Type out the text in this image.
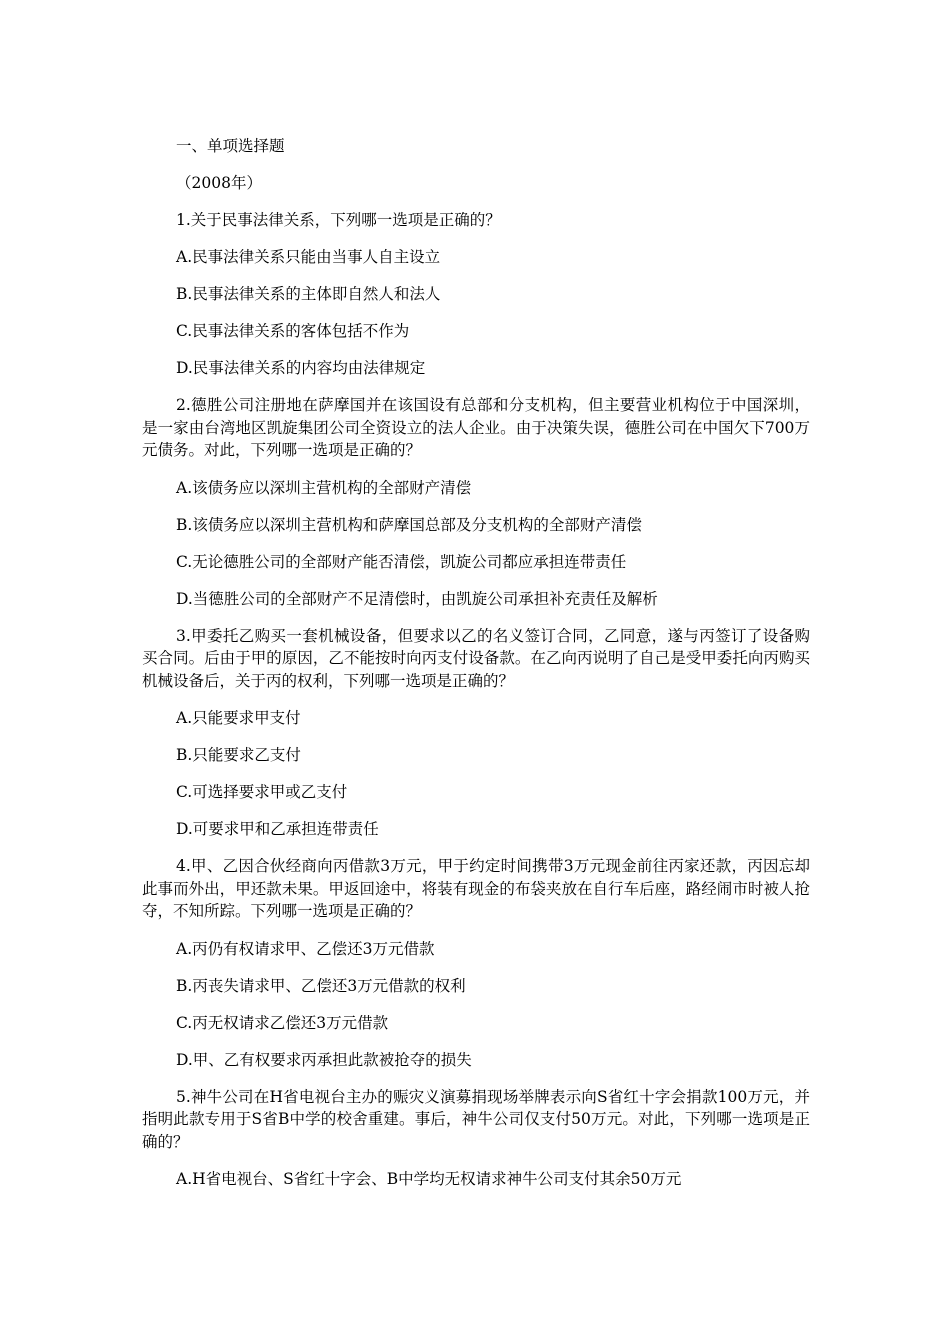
一、单项选择题

（2008年）

1.关于民事法律关系，下列哪一选项是正确的？

A.民事法律关系只能由当事人自主设立

B.民事法律关系的主体即自然人和法人

C.民事法律关系的客体包括不作为

D.民事法律关系的内容均由法律规定

2.德胜公司注册地在萨摩国并在该国设有总部和分支机构，但主要营业机构位于中国深圳，是一家由台湾地区凯旋集团公司全资设立的法人企业。由于决策失误，德胜公司在中国欠下700万元债务。对此，下列哪一选项是正确的？

A.该债务应以深圳主营机构的全部财产清偿

B.该债务应以深圳主营机构和萨摩国总部及分支机构的全部财产清偿

C.无论德胜公司的全部财产能否清偿，凯旋公司都应承担连带责任

D.当德胜公司的全部财产不足清偿时，由凯旋公司承担补充责任及解析

3.甲委托乙购买一套机械设备，但要求以乙的名义签订合同，乙同意，遂与丙签订了设备购买合同。后由于甲的原因，乙不能按时向丙支付设备款。在乙向丙说明了自己是受甲委托向丙购买机械设备后，关于丙的权利，下列哪一选项是正确的？

A.只能要求甲支付

B.只能要求乙支付

C.可选择要求甲或乙支付

D.可要求甲和乙承担连带责任

4.甲、乙因合伙经商向丙借款3万元，甲于约定时间携带3万元现金前往丙家还款，丙因忘却此事而外出，甲还款未果。甲返回途中，将装有现金的布袋夹放在自行车后座，路经闹市时被人抢夺，不知所踪。下列哪一选项是正确的？

A.丙仍有权请求甲、乙偿还3万元借款

B.丙丧失请求甲、乙偿还3万元借款的权利

C.丙无权请求乙偿还3万元借款

D.甲、乙有权要求丙承担此款被抢夺的损失

5.神牛公司在H省电视台主办的赈灾义演募捐现场举牌表示向S省红十字会捐款100万元，并指明此款专用于S省B中学的校舍重建。事后，神牛公司仅支付50万元。对此，下列哪一选项是正确的？

A.H省电视台、S省红十字会、B中学均无权请求神牛公司支付其余50万元
